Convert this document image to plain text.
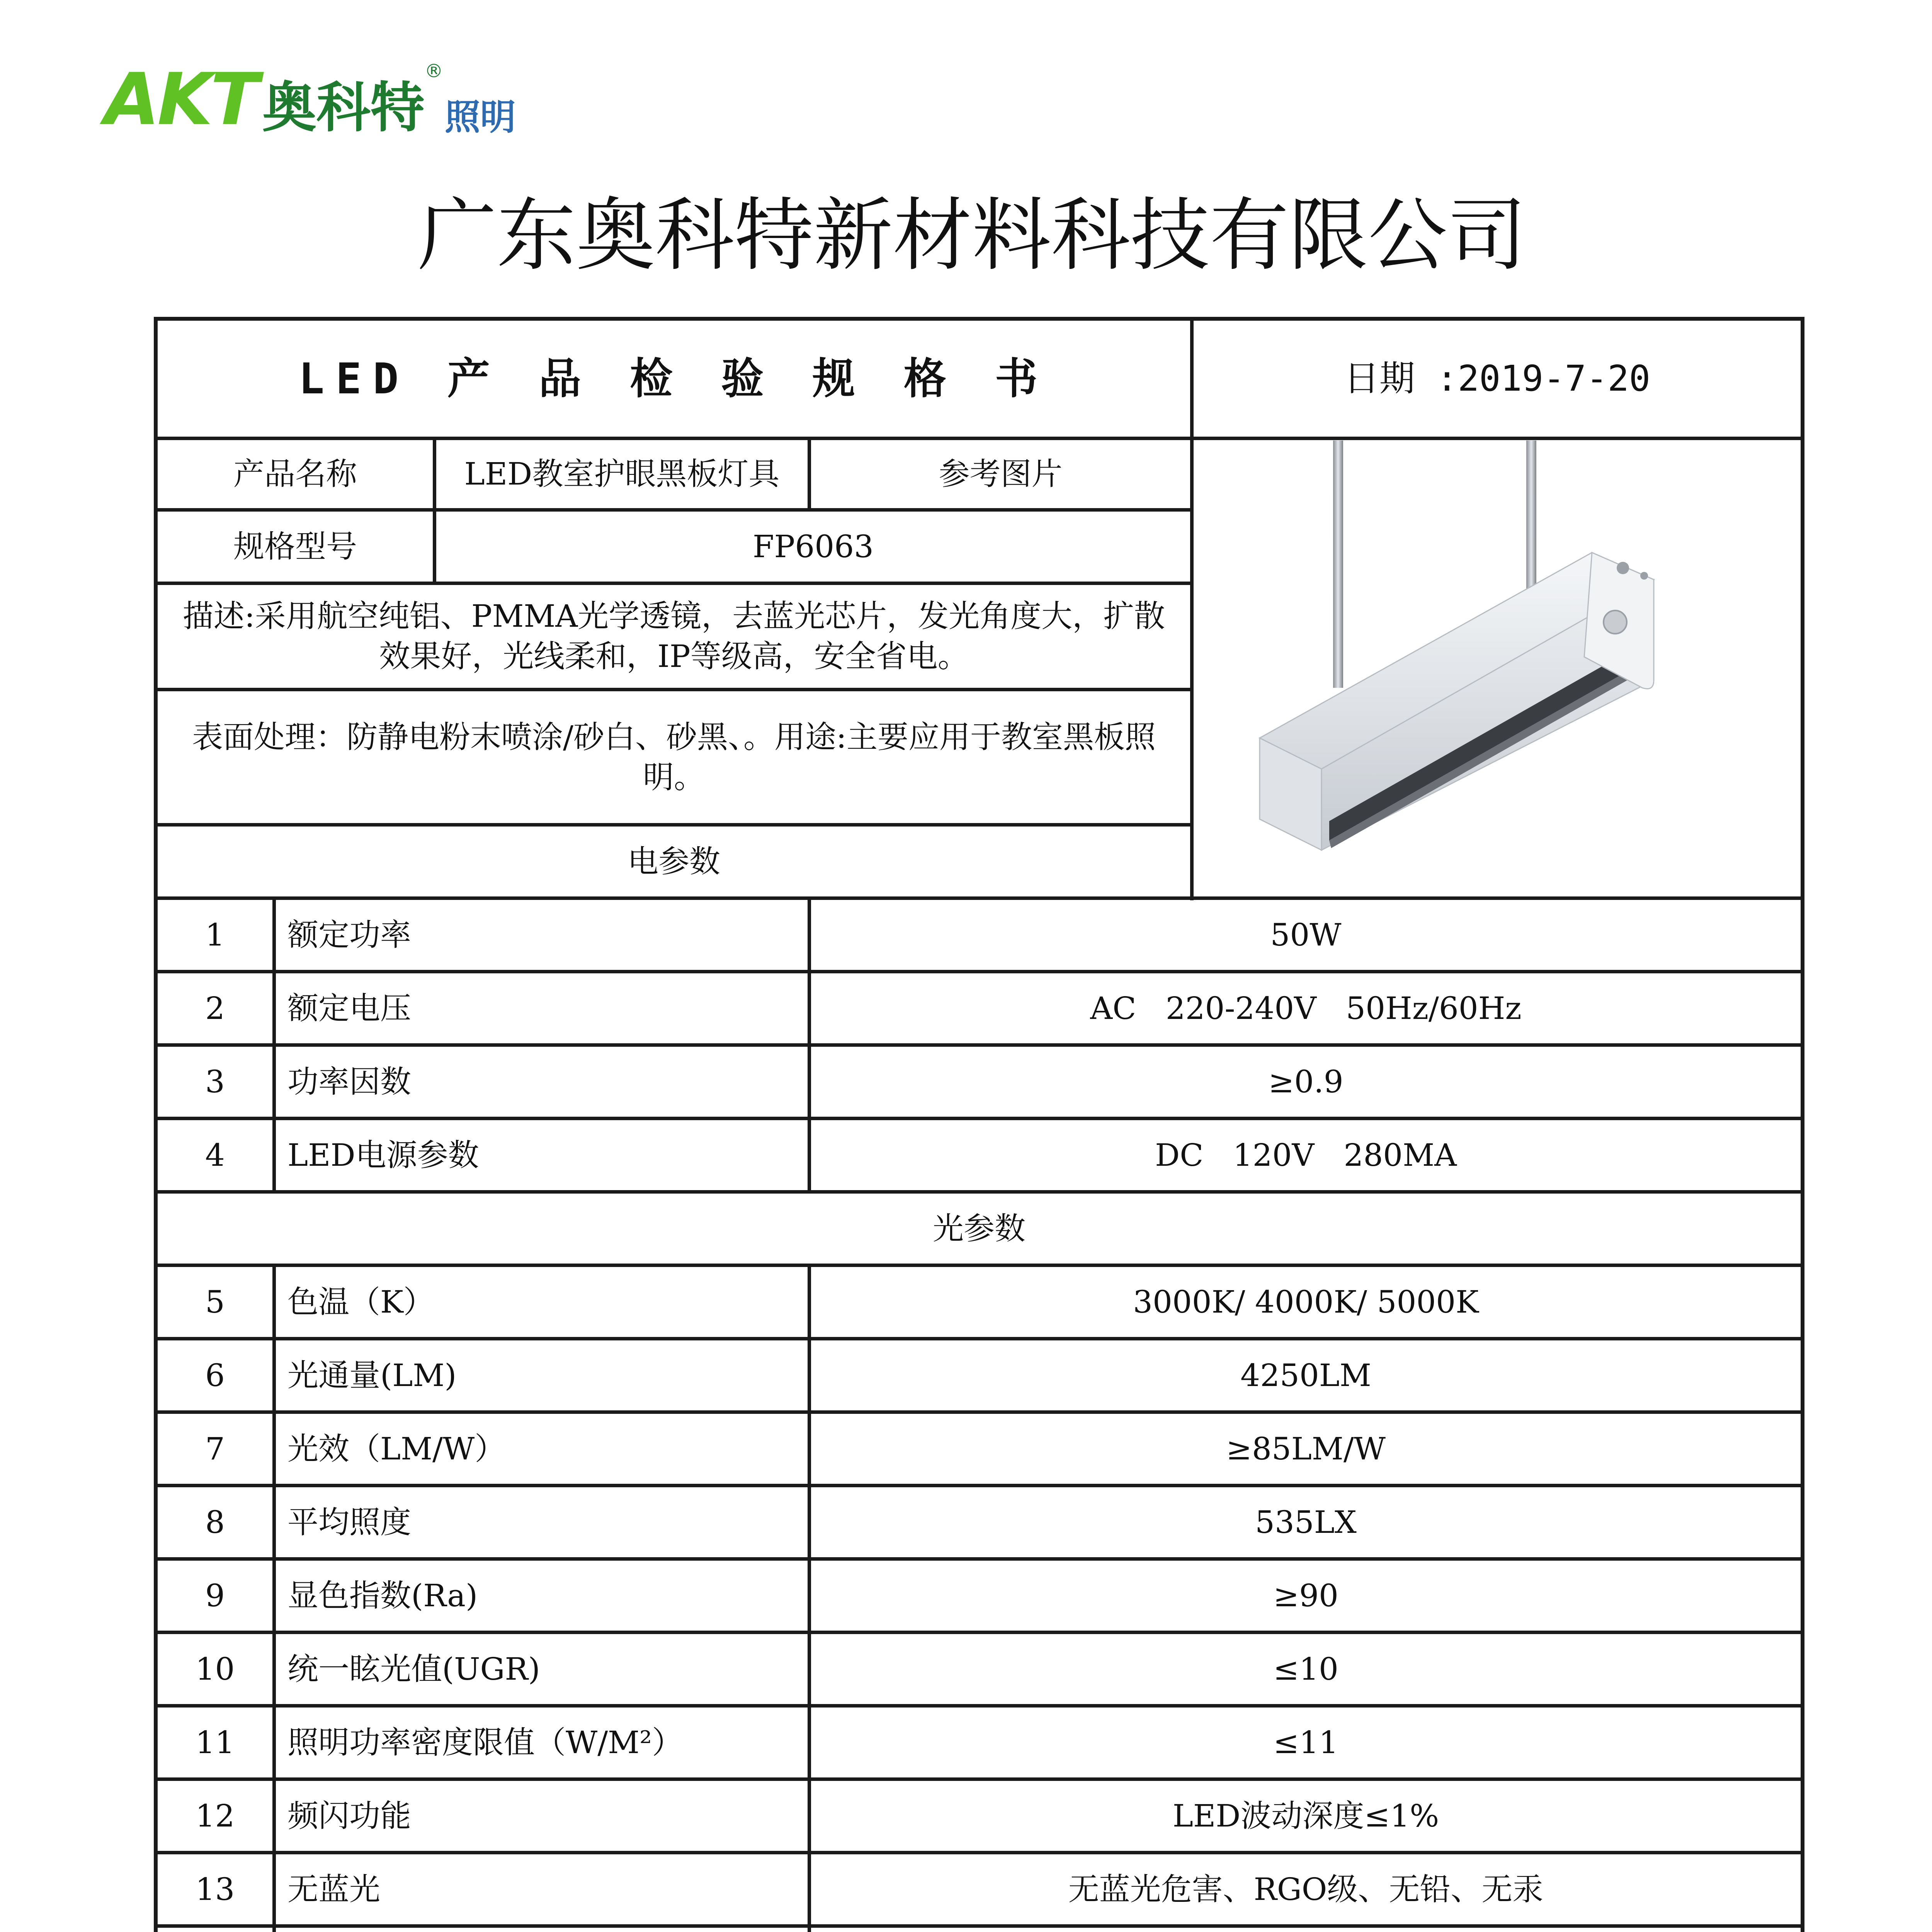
AKT 奥科特
®
照明
广东奥科特新材料科技有限公司
LED 产 品 检 验 规 格 书	日期 :2019-7-20
产品名称	LED教室护眼黑板灯具	参考图片
规格型号	FP6063
描述:采用航空纯铝、PMMA光学透镜，去蓝光芯片，发光角度大，扩散效果好，光线柔和，IP等级高，安全省电。
表面处理：防静电粉末喷涂/砂白、砂黑、。用途:主要应用于教室黑板照明。
电参数
1	额定功率	50W
2	额定电压	AC   220-240V   50Hz/60Hz
3	功率因数	≥0.9
4	LED电源参数	DC   120V   280MA
光参数
5	色温（K）	3000K/ 4000K/ 5000K
6	光通量(LM)	4250LM
7	光效（LM/W）	≥85LM/W
8	平均照度	535LX
9	显色指数(Ra)	≥90
10	统一眩光值(UGR)	≤10
11	照明功率密度限值（W/M²）	≤11
12	频闪功能	LED波动深度≤1%
13	无蓝光	无蓝光危害、RGO级、无铅、无汞
